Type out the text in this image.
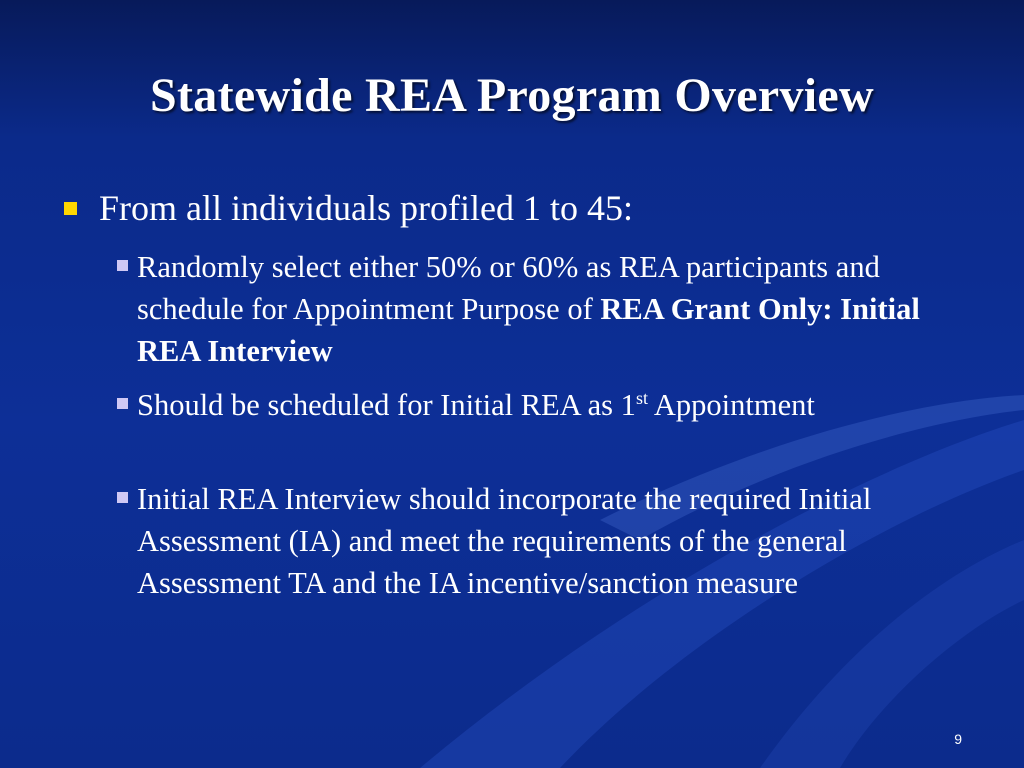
Statewide REA Program Overview
From all individuals profiled 1 to 45:
Randomly select either 50% or 60% as REA participants and schedule for Appointment Purpose of REA Grant Only: Initial REA Interview
Should be scheduled for Initial REA as 1st Appointment
Initial REA Interview should incorporate the required Initial Assessment (IA) and meet the requirements of the general Assessment TA and the IA incentive/sanction measure
9
